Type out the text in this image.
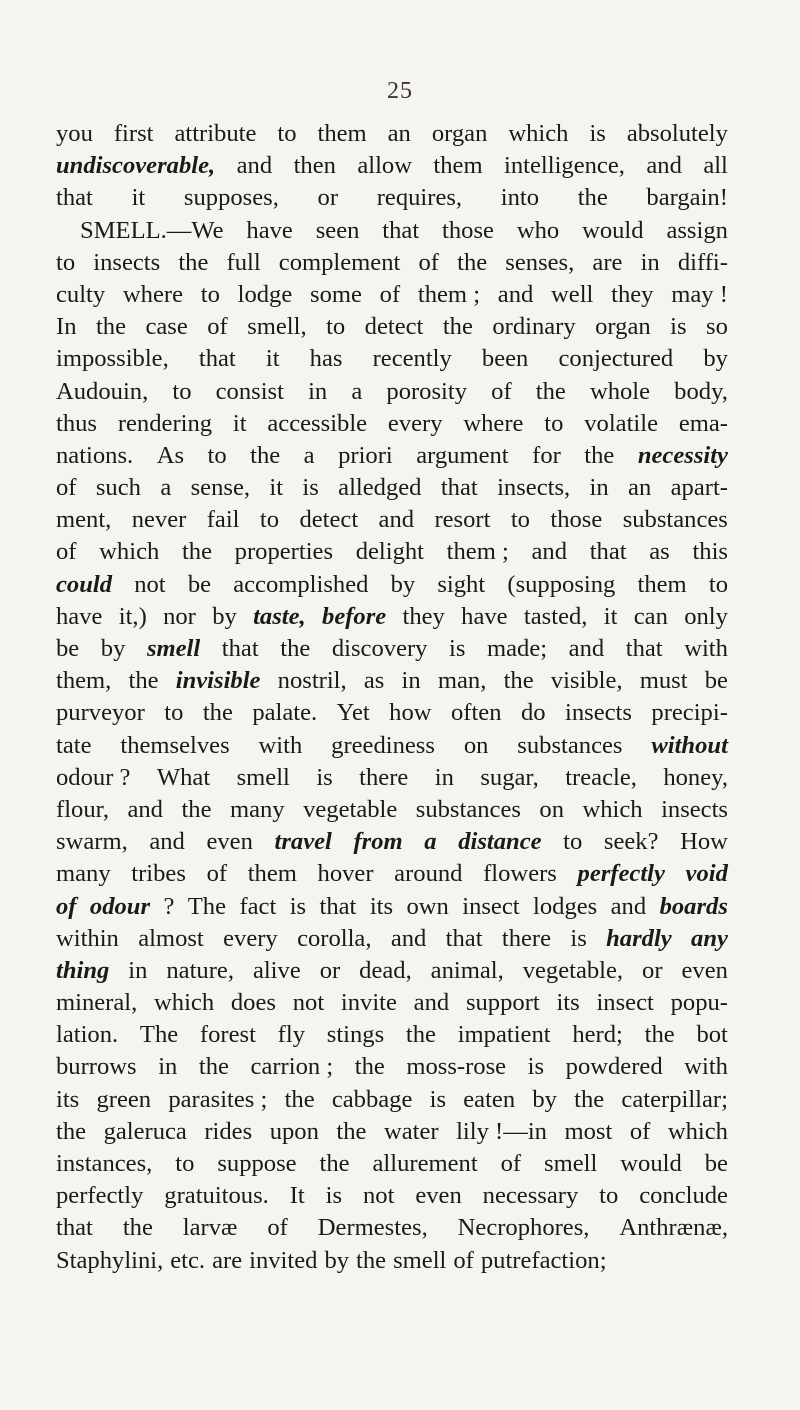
25
you first attribute to them an organ which is absolutely
undiscoverable, and then allow them intelligence, and all
that it supposes, or requires, into the bargain!
SMELL.—We have seen that those who would assign
to insects the full complement of the senses, are in diffi-
culty where to lodge some of them ; and well they may !
In the case of smell, to detect the ordinary organ is so
impossible, that it has recently been conjectured by
Audouin, to consist in a porosity of the whole body,
thus rendering it accessible every where to volatile ema-
nations. As to the a priori argument for the necessity
of such a sense, it is alledged that insects, in an apart-
ment, never fail to detect and resort to those substances
of which the properties delight them ; and that as this
could not be accomplished by sight (supposing them to
have it,) nor by taste, before they have tasted, it can only
be by smell that the discovery is made; and that with
them, the invisible nostril, as in man, the visible, must be
purveyor to the palate. Yet how often do insects precipi-
tate themselves with greediness on substances without
odour ? What smell is there in sugar, treacle, honey,
flour, and the many vegetable substances on which insects
swarm, and even travel from a distance to seek? How
many tribes of them hover around flowers perfectly void
of odour ? The fact is that its own insect lodges and boards
within almost every corolla, and that there is hardly any
thing in nature, alive or dead, animal, vegetable, or even
mineral, which does not invite and support its insect popu-
lation. The forest fly stings the impatient herd; the bot
burrows in the carrion ; the moss-rose is powdered with
its green parasites ; the cabbage is eaten by the caterpillar;
the galeruca rides upon the water lily !—in most of which
instances, to suppose the allurement of smell would be
perfectly gratuitous. It is not even necessary to conclude
that the larvæ of Dermestes, Necrophores, Anthrænæ,
Staphylini, etc. are invited by the smell of putrefaction;
